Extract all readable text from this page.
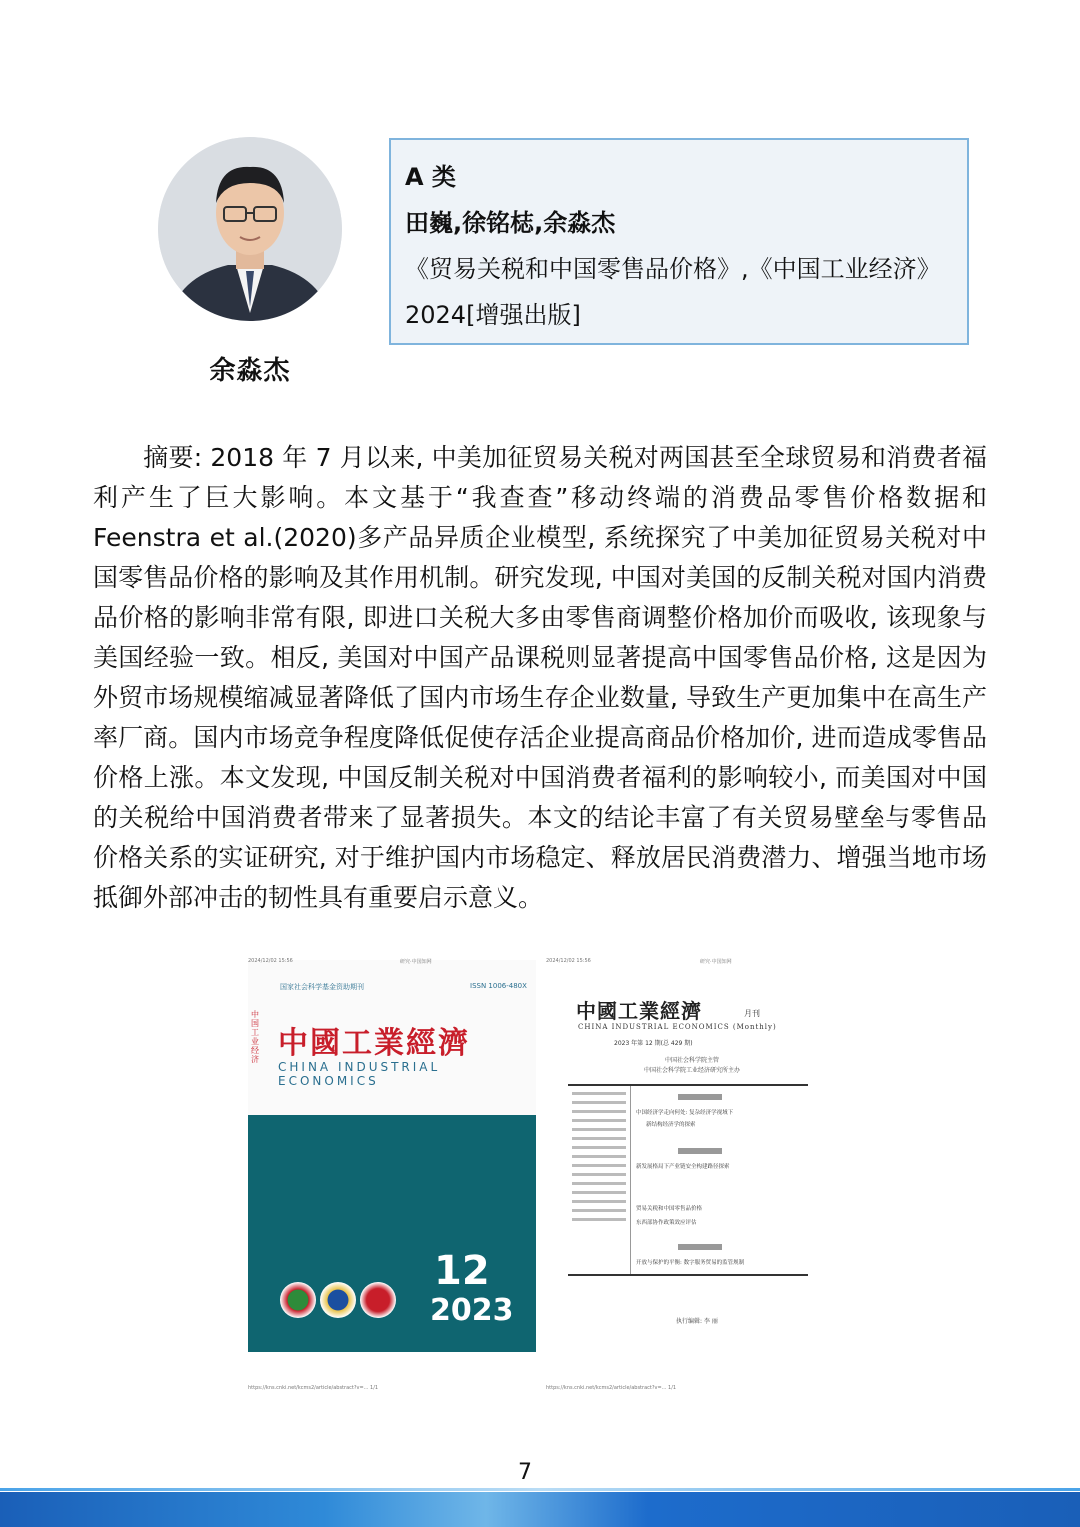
余淼杰
A 类
田巍,徐铭梽,余淼杰
《贸易关税和中国零售品价格》,《中国工业经济》
2024[增强出版]
摘要: 2018 年 7 月以来, 中美加征贸易关税对两国甚至全球贸易和消费者福利产生了巨大影响。本文基于“我查查”移动终端的消费品零售价格数据和 Feenstra et al.(2020)多产品异质企业模型, 系统探究了中美加征贸易关税对中国零售品价格的影响及其作用机制。研究发现, 中国对美国的反制关税对国内消费品价格的影响非常有限, 即进口关税大多由零售商调整价格加价而吸收, 该现象与美国经验一致。相反, 美国对中国产品课税则显著提高中国零售品价格, 这是因为外贸市场规模缩减显著降低了国内市场生存企业数量, 导致生产更加集中在高生产率厂商。国内市场竞争程度降低促使存活企业提高商品价格加价, 进而造成零售品价格上涨。本文发现, 中国反制关税对中国消费者福利的影响较小, 而美国对中国的关税给中国消费者带来了显著损失。本文的结论丰富了有关贸易壁垒与零售品价格关系的实证研究, 对于维护国内市场稳定、释放居民消费潜力、增强当地市场抵御外部冲击的韧性具有重要启示意义。
国家社会科学基金资助期刊	ISSN 1006-480X
中国工业经济 中國工業經濟
CHINA INDUSTRIAL ECONOMICS
12
2023
2024/12/02 15:56	研究·中国知网
中國工業經濟	月刊
CHINA INDUSTRIAL ECONOMICS (Monthly)
2023 年第 12 期(总 429 期)
中国社会科学院主管
中国社会科学院工业经济研究所主办
中国经济学走向何处: 复杂经济学视域下
新结构经济学的探索
新发展格局下产业链安全构建路径探索
贸易关税和中国零售品价格
东西部协作政策效应评估
开放与保护的平衡: 数字服务贸易的监管规制
执行编辑: 李 丽
2024/12/02 15:56	研究·中国知网
https://kns.cnki.net/kcms2/article/abstract?v=... 1/1	https://kns.cnki.net/kcms2/article/abstract?v=... 1/1
7
